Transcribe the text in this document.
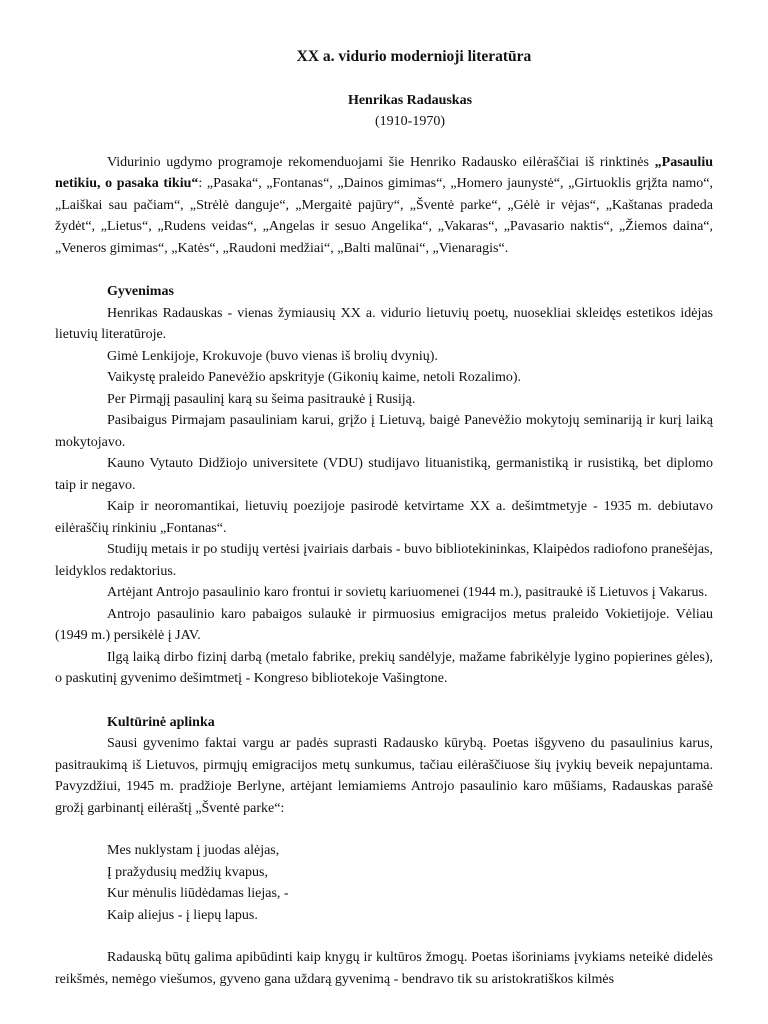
XX a. vidurio modernioji literatūra
Henrikas Radauskas
(1910-1970)

Vidurinio ugdymo programoje rekomenduojami šie Henriko Radausko eilėraščiai iš rinktinės „Pasauliu netikiu, o pasaka tikiu“: „Pasaka“, „Fontanas“, „Dainos gimimas“, „Homero jaunystė“, „Girtuoklis grįžta namo“, „Laiškai sau pačiam“, „Strėlė danguje“, „Mergaitė pajūry“, „Šventė parke“, „Gėlė ir vėjas“, „Kaštanas pradeda žydėt“, „Lietus“, „Rudens veidas“, „Angelas ir sesuo Angelika“, „Vakaras“, „Pavasario naktis“, „Žiemos daina“, „Veneros gimimas“, „Katės“, „Raudoni medžiai“, „Balti malūnai“, „Vienaragis“.

Gyvenimas

Henrikas Radauskas - vienas žymiausių XX a. vidurio lietuvių poetų, nuosekliai skleidęs estetikos idėjas lietuvių literatūroje.

Gimė Lenkijoje, Krokuvoje (buvo vienas iš brolių dvynių).

Vaikystę praleido Panevėžio apskrityje (Gikonių kaime, netoli Rozalimo).

Per Pirmąjį pasaulinį karą su šeima pasitraukė į Rusiją.

Pasibaigus Pirmajam pasauliniam karui, grįžo į Lietuvą, baigė Panevėžio mokytojų seminariją ir kurį laiką mokytojavo.

Kauno Vytauto Didžiojo universitete (VDU) studijavo lituanistiką, germanistiką ir rusistiką, bet diplomo taip ir negavo.

Kaip ir neoromantikai, lietuvių poezijoje pasirodė ketvirtame XX a. dešimtmetyje - 1935 m. debiutavo eilėraščių rinkiniu „Fontanas“.

Studijų metais ir po studijų vertėsi įvairiais darbais - buvo bibliotekininkas, Klaipėdos radiofono pranešėjas, leidyklos redaktorius.

Artėjant Antrojo pasaulinio karo frontui ir sovietų kariuomenei (1944 m.), pasitraukė iš Lietuvos į Vakarus.

Antrojo pasaulinio karo pabaigos sulaukė ir pirmuosius emigracijos metus praleido Vokietijoje. Vėliau (1949 m.) persikėlė į JAV.

Ilgą laiką dirbo fizinį darbą (metalo fabrike, prekių sandėlyje, mažame fabrikėlyje lygino popierines gėles), o paskutinį gyvenimo dešimtmetį - Kongreso bibliotekoje Vašingtone.

Kultūrinė aplinka

Sausi gyvenimo faktai vargu ar padės suprasti Radausko kūrybą. Poetas išgyveno du pasaulinius karus, pasitraukimą iš Lietuvos, pirmųjų emigracijos metų sunkumus, tačiau eilėraščiuose šių įvykių beveik nepajuntama. Pavyzdžiui, 1945 m. pradžioje Berlyne, artėjant lemiamiems Antrojo pasaulinio karo mūšiams, Radauskas parašė grožį garbinantį eilėraštį „Šventė parke“:

Mes nuklystam į juodas alėjas,
Į pražydusių medžių kvapus,
Kur mėnulis liūdėdamas liejas, -
Kaip aliejus - į liepų lapus.

Radauską būtų galima apibūdinti kaip knygų ir kultūros žmogų. Poetas išoriniams įvykiams neteikė didelės reikšmės, nemėgo viešumos, gyveno gana uždarą gyvenimą - bendravo tik su aristokratiškos kilmės
